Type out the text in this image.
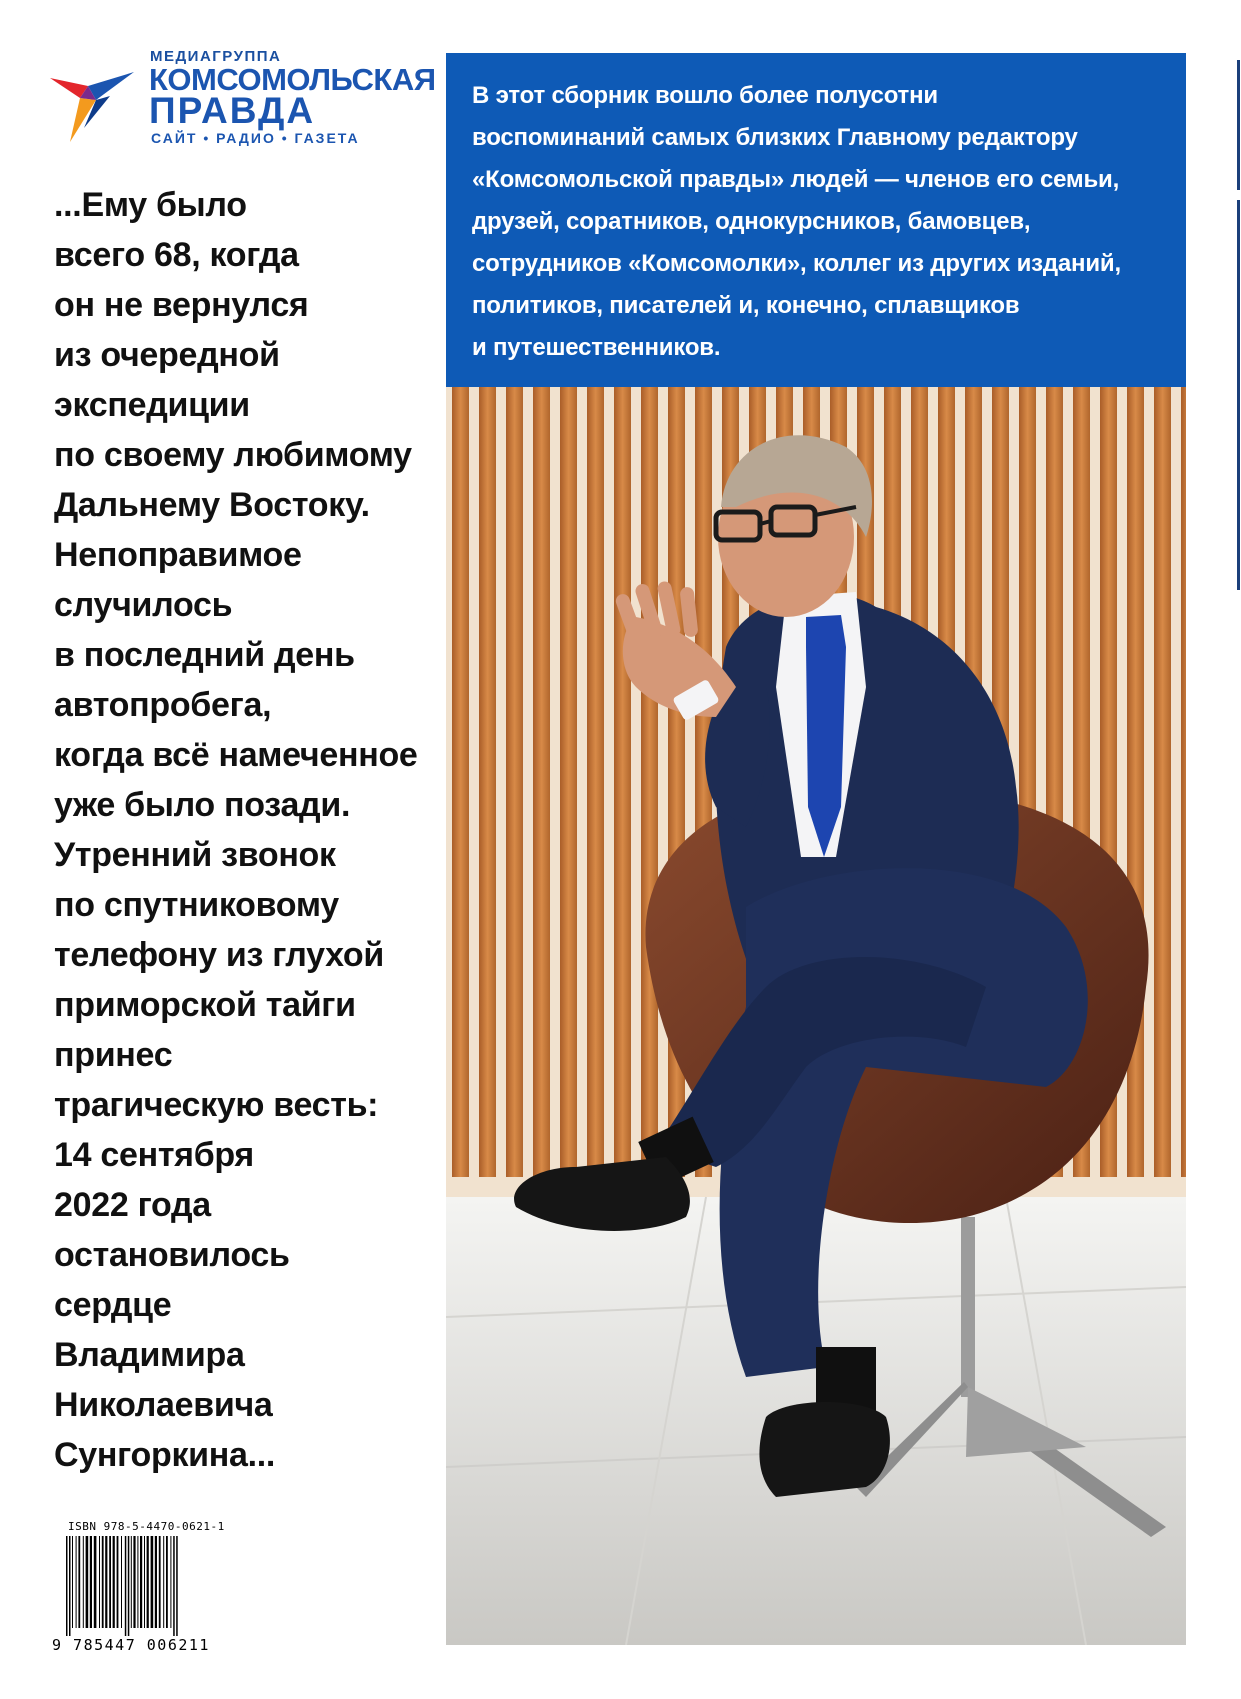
МЕДИАГРУППА
КОМСОМОЛЬСКАЯ
ПРАВДА
САЙТ • РАДИО • ГАЗЕТА
...Ему было
всего 68, когда
он не вернулся
из очередной
экспедиции
по своему любимому
Дальнему Востоку.
Непоправимое
случилось
в последний день
автопробега,
когда всё намеченное
уже было позади.
Утренний звонок
по спутниковому
телефону из глухой
приморской тайги
принес
трагическую весть:
14 сентября
2022 года
остановилось
сердце
Владимира
Николаевича
Сунгоркина...
ISBN 978-5-4470-0621-1
9 785447 006211
В этот сборник вошло более полусотни
воспоминаний самых близких Главному редактору
«Комсомольской правды» людей — членов его семьи,
друзей, соратников, однокурсников, бамовцев,
сотрудников «Комсомолки», коллег из других изданий,
политиков, писателей и, конечно, сплавщиков
и путешественников.
